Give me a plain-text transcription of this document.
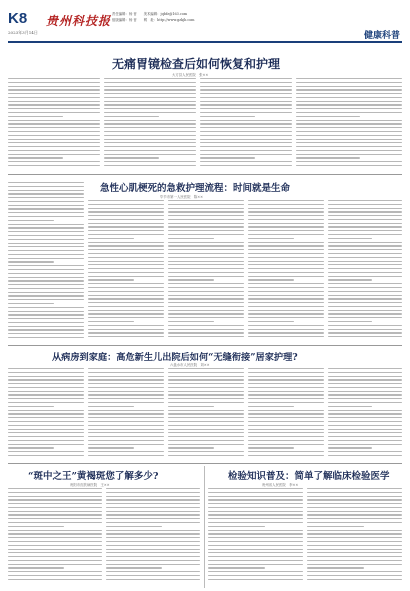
K8
2023年3月14日
贵州科技报 责任编辑：杨 晋　　美术编辑：jqbfz@163.com
组版编辑：杨 晋　　网　址：http://www.gzkjb.com
健康科普
无痛胃镜检查后如何恢复和护理
大方县人民医院　张××
急性心肌梗死的急救护理流程：时间就是生命
毕节市第一人民医院　陈××
从病房到家庭：高危新生儿出院后如何“无缝衔接”居家护理?
六盘水市人民医院　刘××
“斑中之王”黄褐斑您了解多少?
贵阳市皮肤病医院　王××
检验知识普及：简单了解临床检验医学
贵州省人民医院　李××
